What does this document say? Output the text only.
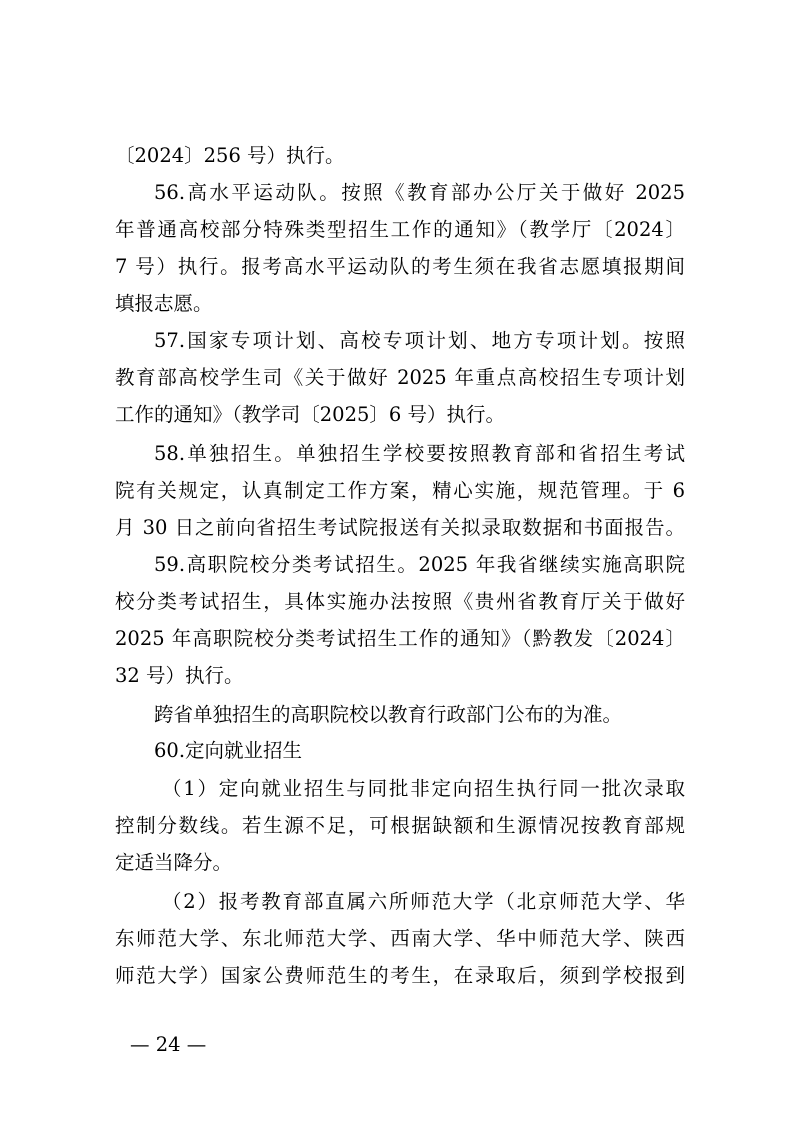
〔2024〕256 号）执行。
56.高水平运动队。按照《教育部办公厅关于做好 2025
年普通高校部分特殊类型招生工作的通知》（教学厅〔2024〕
7 号）执行。报考高水平运动队的考生须在我省志愿填报期间
填报志愿。
57.国家专项计划、高校专项计划、地方专项计划。按照
教育部高校学生司《关于做好 2025 年重点高校招生专项计划
工作的通知》（教学司〔2025〕6 号）执行。
58.单独招生。单独招生学校要按照教育部和省招生考试
院有关规定，认真制定工作方案，精心实施，规范管理。于 6
月 30 日之前向省招生考试院报送有关拟录取数据和书面报告。
59.高职院校分类考试招生。2025 年我省继续实施高职院
校分类考试招生，具体实施办法按照《贵州省教育厅关于做好
2025 年高职院校分类考试招生工作的通知》（黔教发〔2024〕
32 号）执行。
跨省单独招生的高职院校以教育行政部门公布的为准。
60.定向就业招生
（1）定向就业招生与同批非定向招生执行同一批次录取
控制分数线。若生源不足，可根据缺额和生源情况按教育部规
定适当降分。
（2）报考教育部直属六所师范大学（北京师范大学、华
东师范大学、东北师范大学、西南大学、华中师范大学、陕西
师范大学）国家公费师范生的考生，在录取后，须到学校报到
— 24 —
